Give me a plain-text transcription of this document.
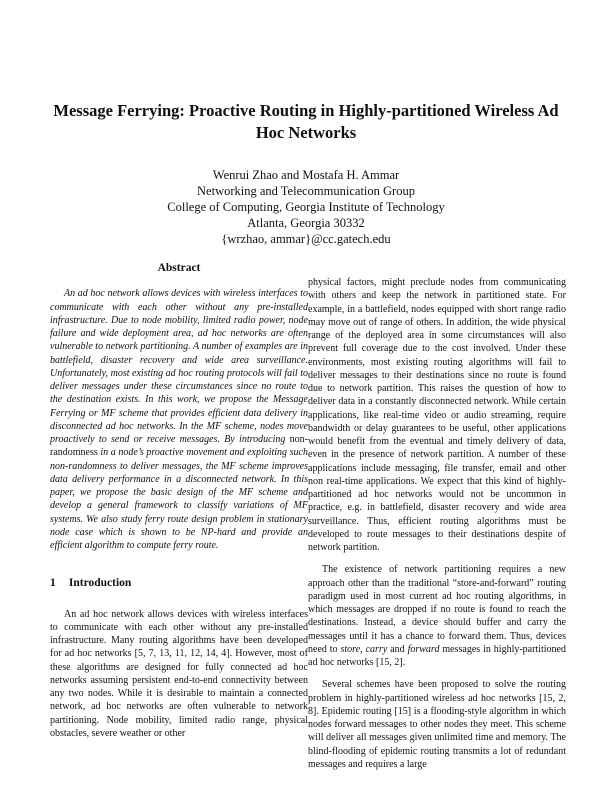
Message Ferrying: Proactive Routing in Highly-partitioned Wireless Ad Hoc Networks
Wenrui Zhao and Mostafa H. Ammar
Networking and Telecommunication Group
College of Computing, Georgia Institute of Technology
Atlanta, Georgia 30332
{wrzhao, ammar}@cc.gatech.edu
Abstract

An ad hoc network allows devices with wireless interfaces to communicate with each other without any pre-installed infrastructure. Due to node mobility, limited radio power, node failure and wide deployment area, ad hoc networks are often vulnerable to network partitioning. A number of examples are in battlefield, disaster recovery and wide area surveillance. Unfortunately, most existing ad hoc routing protocols will fail to deliver messages under these circumstances since no route to the destination exists. In this work, we propose the Message Ferrying or MF scheme that provides efficient data delivery in disconnected ad hoc networks. In the MF scheme, nodes move proactively to send or receive messages. By introducing non-randomness in a node’s proactive movement and exploiting such non-randomness to deliver messages, the MF scheme improves data delivery performance in a disconnected network. In this paper, we propose the basic design of the MF scheme and develop a general framework to classify variations of MF systems. We also study ferry route design problem in stationary node case which is shown to be NP-hard and provide an efficient algorithm to compute ferry route.

1 Introduction

An ad hoc network allows devices with wireless interfaces to communicate with each other without any pre-installed infrastructure. Many routing algorithms have been developed for ad hoc networks [5, 7, 13, 11, 12, 14, 4]. However, most of these algorithms are designed for fully connected ad hoc networks assuming persistent end-to-end connectivity between any two nodes. While it is desirable to maintain a connected network, ad hoc networks are often vulnerable to network partitioning. Node mobility, limited radio range, physical obstacles, severe weather or other

physical factors, might preclude nodes from communicating with others and keep the network in partitioned state. For example, in a battlefield, nodes equipped with short range radio may move out of range of others. In addition, the wide physical range of the deployed area in some circumstances will also prevent full coverage due to the cost involved. Under these environments, most existing routing algorithms will fail to deliver messages to their destinations since no route is found due to network partition. This raises the question of how to deliver data in a constantly disconnected network. While certain applications, like real-time video or audio streaming, require bandwidth or delay guarantees to be useful, other applications would benefit from the eventual and timely delivery of data, even in the presence of network partition. A number of these applications include messaging, file transfer, email and other non real-time applications. We expect that this kind of highly-partitioned ad hoc networks would not be uncommon in practice, e.g. in battlefield, disaster recovery and wide area surveillance. Thus, efficient routing algorithms must be developed to route messages to their destinations despite of network partition.

The existence of network partitioning requires a new approach other than the traditional “store-and-forward” routing paradigm used in most current ad hoc routing algorithms, in which messages are dropped if no route is found to reach the destinations. Instead, a device should buffer and carry the messages until it has a chance to forward them. Thus, devices need to store, carry and forward messages in highly-partitioned ad hoc networks [15, 2].

Several schemes have been proposed to solve the routing problem in highly-partitioned wireless ad hoc networks [15, 2, 8]. Epidemic routing [15] is a flooding-style algorithm in which nodes forward messages to other nodes they meet. This scheme will deliver all messages given unlimited time and memory. The blind-flooding of epidemic routing transmits a lot of redundant messages and requires a large
